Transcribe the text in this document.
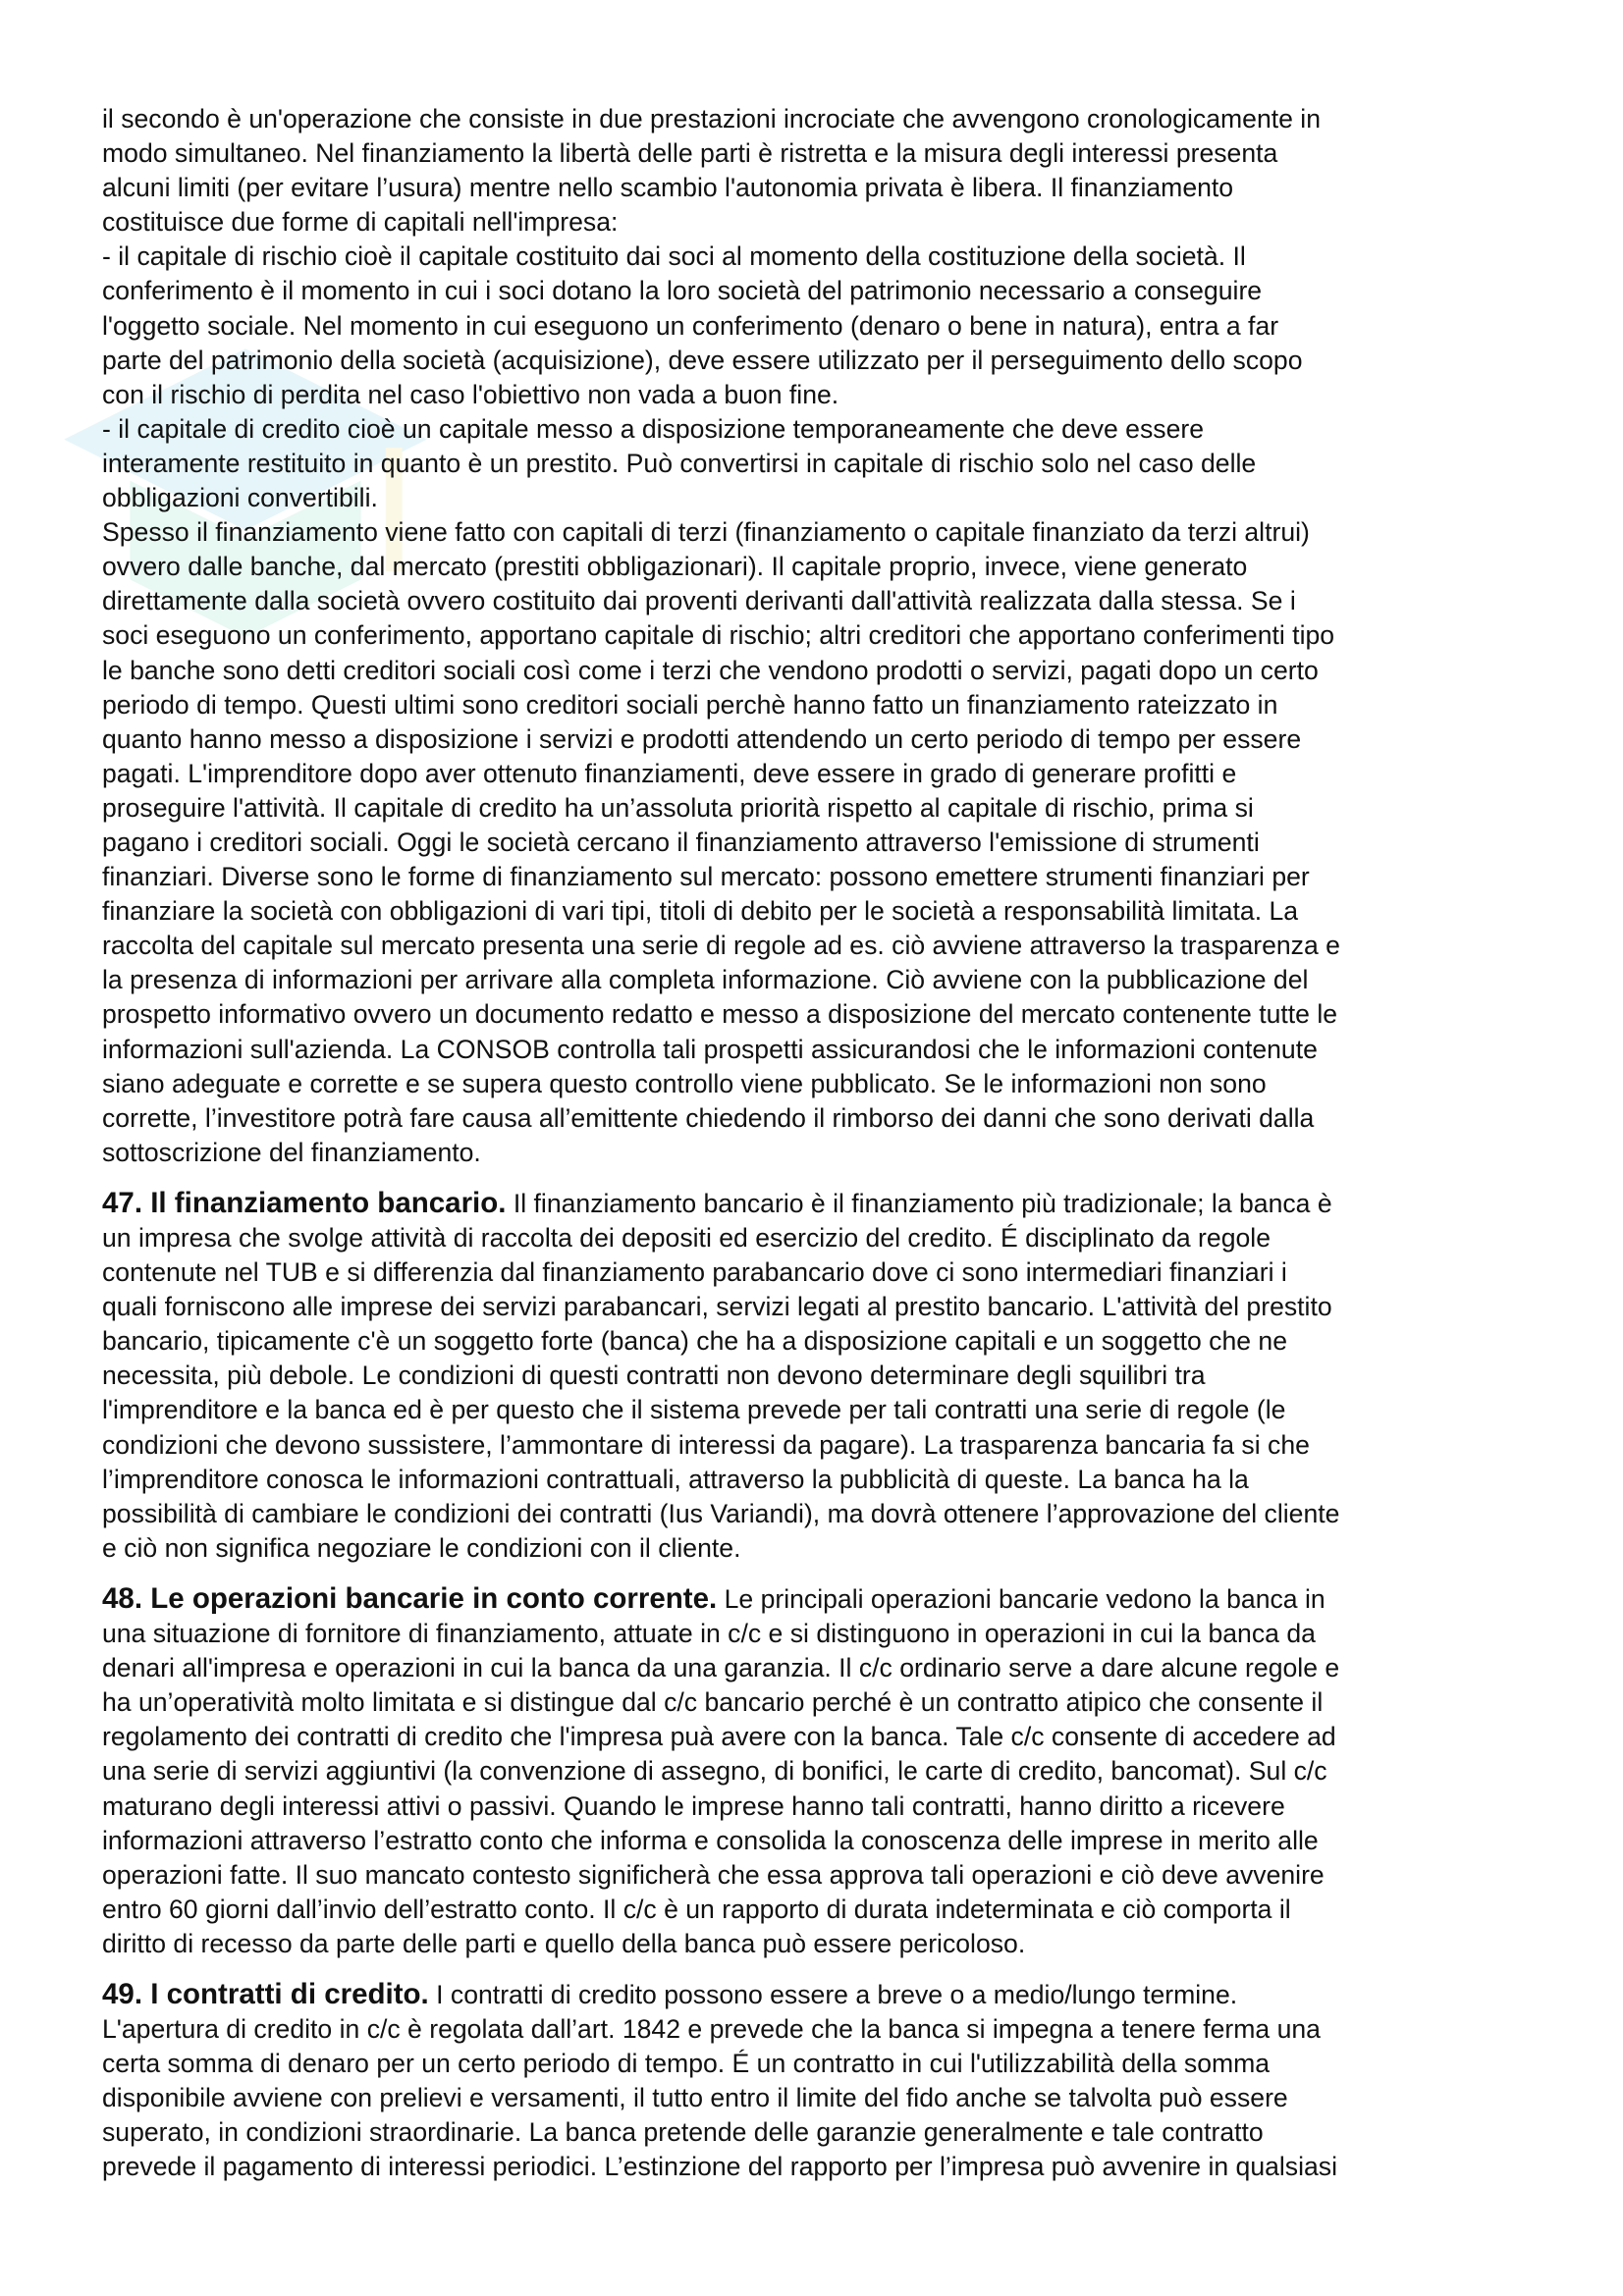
il secondo è un'operazione che consiste in due prestazioni incrociate che avvengono cronologicamente in
modo simultaneo. Nel finanziamento la libertà delle parti è ristretta e la misura degli interessi presenta
alcuni limiti (per evitare l’usura) mentre nello scambio l'autonomia privata è libera. Il finanziamento
costituisce due forme di capitali nell'impresa:
- il capitale di rischio cioè il capitale costituito dai soci al momento della costituzione della società. Il
conferimento è il momento in cui i soci dotano la loro società del patrimonio necessario a conseguire
l'oggetto sociale. Nel momento in cui eseguono un conferimento (denaro o bene in natura), entra a far
parte del patrimonio della società (acquisizione), deve essere utilizzato per il perseguimento dello scopo
con il rischio di perdita nel caso l'obiettivo non vada a buon fine.
- il capitale di credito cioè un capitale messo a disposizione temporaneamente che deve essere
interamente restituito in quanto è un prestito. Può convertirsi in capitale di rischio solo nel caso delle
obbligazioni convertibili.
Spesso il finanziamento viene fatto con capitali di terzi (finanziamento o capitale finanziato da terzi altrui)
ovvero dalle banche, dal mercato (prestiti obbligazionari). Il capitale proprio, invece, viene generato
direttamente dalla società ovvero costituito dai proventi derivanti dall'attività realizzata dalla stessa. Se i
soci eseguono un conferimento, apportano capitale di rischio; altri creditori che apportano conferimenti tipo
le banche sono detti creditori sociali così come i terzi che vendono prodotti o servizi, pagati dopo un certo
periodo di tempo. Questi ultimi sono creditori sociali perchè hanno fatto un finanziamento rateizzato in
quanto hanno messo a disposizione i servizi e prodotti attendendo un certo periodo di tempo per essere
pagati. L'imprenditore dopo aver ottenuto finanziamenti, deve essere in grado di generare profitti e
proseguire l'attività. Il capitale di credito ha un’assoluta priorità rispetto al capitale di rischio, prima si
pagano i creditori sociali. Oggi le società cercano il finanziamento attraverso l'emissione di strumenti
finanziari. Diverse sono le forme di finanziamento sul mercato: possono emettere strumenti finanziari per
finanziare la società con obbligazioni di vari tipi, titoli di debito per le società a responsabilità limitata. La
raccolta del capitale sul mercato presenta una serie di regole ad es. ciò avviene attraverso la trasparenza e
la presenza di informazioni per arrivare alla completa informazione. Ciò avviene con la pubblicazione del
prospetto informativo ovvero un documento redatto e messo a disposizione del mercato contenente tutte le
informazioni sull'azienda. La CONSOB controlla tali prospetti assicurandosi che le informazioni contenute
siano adeguate e corrette e se supera questo controllo viene pubblicato. Se le informazioni non sono
corrette, l’investitore potrà fare causa all’emittente chiedendo il rimborso dei danni che sono derivati dalla
sottoscrizione del finanziamento.

47. Il finanziamento bancario. Il finanziamento bancario è il finanziamento più tradizionale; la banca è
un impresa che svolge attività di raccolta dei depositi ed esercizio del credito. É disciplinato da regole
contenute nel TUB e si differenzia dal finanziamento parabancario dove ci sono intermediari finanziari i
quali forniscono alle imprese dei servizi parabancari, servizi legati al prestito bancario. L'attività del prestito
bancario, tipicamente c'è un soggetto forte (banca) che ha a disposizione capitali e un soggetto che ne
necessita, più debole. Le condizioni di questi contratti non devono determinare degli squilibri tra
l'imprenditore e la banca ed è per questo che il sistema prevede per tali contratti una serie di regole (le
condizioni che devono sussistere, l’ammontare di interessi da pagare). La trasparenza bancaria fa si che
l’imprenditore conosca le informazioni contrattuali, attraverso la pubblicità di queste. La banca ha la
possibilità di cambiare le condizioni dei contratti (Ius Variandi), ma dovrà ottenere l’approvazione del cliente
e ciò non significa negoziare le condizioni con il cliente.

48. Le operazioni bancarie in conto corrente. Le principali operazioni bancarie vedono la banca in
una situazione di fornitore di finanziamento, attuate in c/c e si distinguono in operazioni in cui la banca da
denari all'impresa e operazioni in cui la banca da una garanzia. Il c/c ordinario serve a dare alcune regole e
ha un’operatività molto limitata e si distingue dal c/c bancario perché è un contratto atipico che consente il
regolamento dei contratti di credito che l'impresa puà avere con la banca. Tale c/c consente di accedere ad
una serie di servizi aggiuntivi (la convenzione di assegno, di bonifici, le carte di credito, bancomat). Sul c/c
maturano degli interessi attivi o passivi. Quando le imprese hanno tali contratti, hanno diritto a ricevere
informazioni attraverso l’estratto conto che informa e consolida la conoscenza delle imprese in merito alle
operazioni fatte. Il suo mancato contesto significherà che essa approva tali operazioni e ciò deve avvenire
entro 60 giorni dall’invio dell’estratto conto. Il c/c è un rapporto di durata indeterminata e ciò comporta il
diritto di recesso da parte delle parti e quello della banca può essere pericoloso.

49. I contratti di credito. I contratti di credito possono essere a breve o a medio/lungo termine.
L'apertura di credito in c/c è regolata dall’art. 1842 e prevede che la banca si impegna a tenere ferma una
certa somma di denaro per un certo periodo di tempo. É un contratto in cui l'utilizzabilità della somma
disponibile avviene con prelievi e versamenti, il tutto entro il limite del fido anche se talvolta può essere
superato, in condizioni straordinarie. La banca pretende delle garanzie generalmente e tale contratto
prevede il pagamento di interessi periodici. L’estinzione del rapporto per l’impresa può avvenire in qualsiasi
